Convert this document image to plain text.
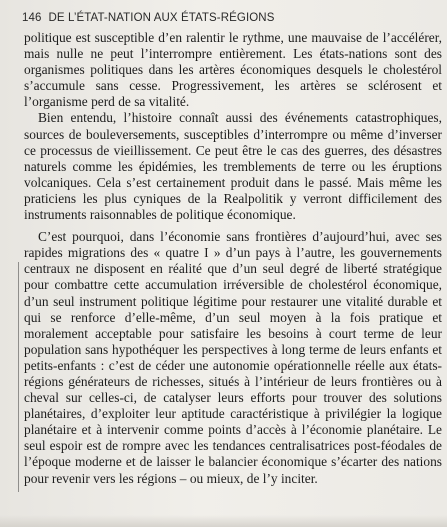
146 DE L’ÉTAT-NATION AUX ÉTATS-RÉGIONS

politique est susceptible d’en ralentir le rythme, une mauvaise de l’accélérer, mais nulle ne peut l’interrompre entièrement. Les états-nations sont des organismes politiques dans les artères économiques desquels le cholestérol s’accumule sans cesse. Progressivement, les artères se sclérosent et l’organisme perd de sa vitalité.

Bien entendu, l’histoire connaît aussi des événements catastrophiques, sources de bouleversements, susceptibles d’interrompre ou même d’inverser ce processus de vieillissement. Ce peut être le cas des guerres, des désastres naturels comme les épidémies, les tremblements de terre ou les éruptions volcaniques. Cela s’est certainement produit dans le passé. Mais même les praticiens les plus cyniques de la Realpolitik y verront difficilement des instruments raisonnables de politique économique.

C’est pourquoi, dans l’économie sans frontières d’aujourd’hui, avec ses rapides migrations des « quatre I » d’un pays à l’autre, les gouvernements centraux ne disposent en réalité que d’un seul degré de liberté stratégique pour combattre cette accumulation irréversible de cholestérol économique, d’un seul instrument politique légitime pour restaurer une vitalité durable et qui se renforce d’elle-même, d’un seul moyen à la fois pratique et moralement acceptable pour satisfaire les besoins à court terme de leur population sans hypothéquer les perspectives à long terme de leurs enfants et petits-enfants : c’est de céder une autonomie opérationnelle réelle aux états-régions générateurs de richesses, situés à l’intérieur de leurs frontières ou à cheval sur celles-ci, de catalyser leurs efforts pour trouver des solutions planétaires, d’exploiter leur aptitude caractéristique à privilégier la logique planétaire et à intervenir comme points d’accès à l’économie planétaire. Le seul espoir est de rompre avec les tendances centralisatrices post-féodales de l’époque moderne et de laisser le balancier économique s’écarter des nations pour revenir vers les régions – ou mieux, de l’y inciter.
